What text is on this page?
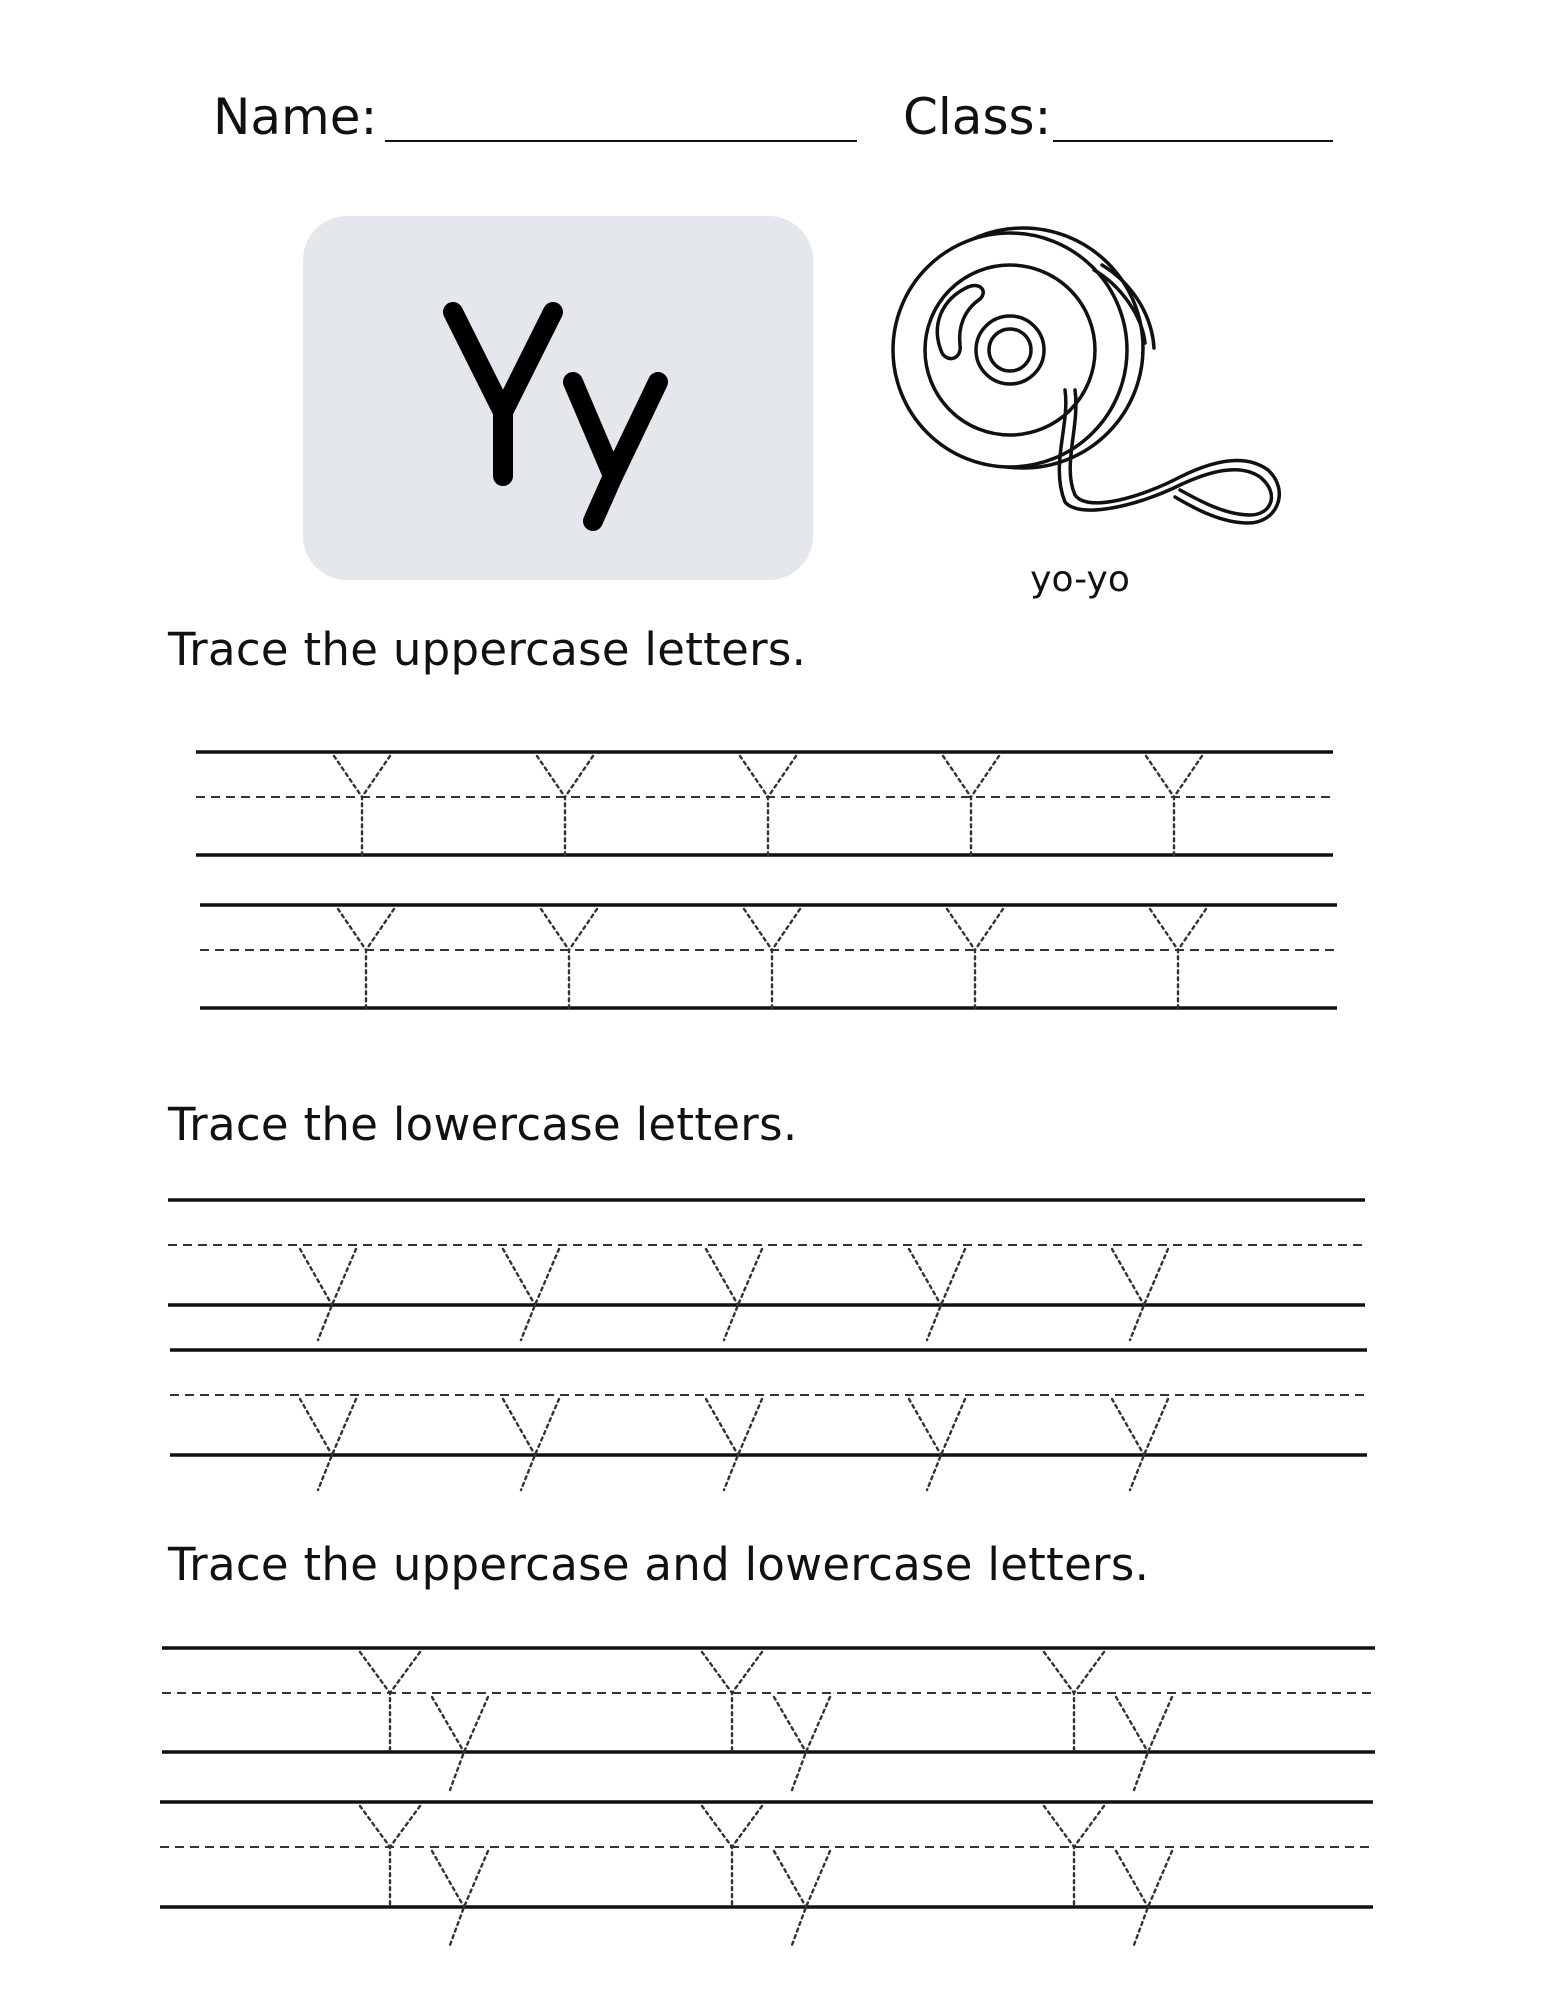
Name:	Class:
yo-yo
Trace the uppercase letters.
Trace the lowercase letters.
Trace the uppercase and lowercase letters.
